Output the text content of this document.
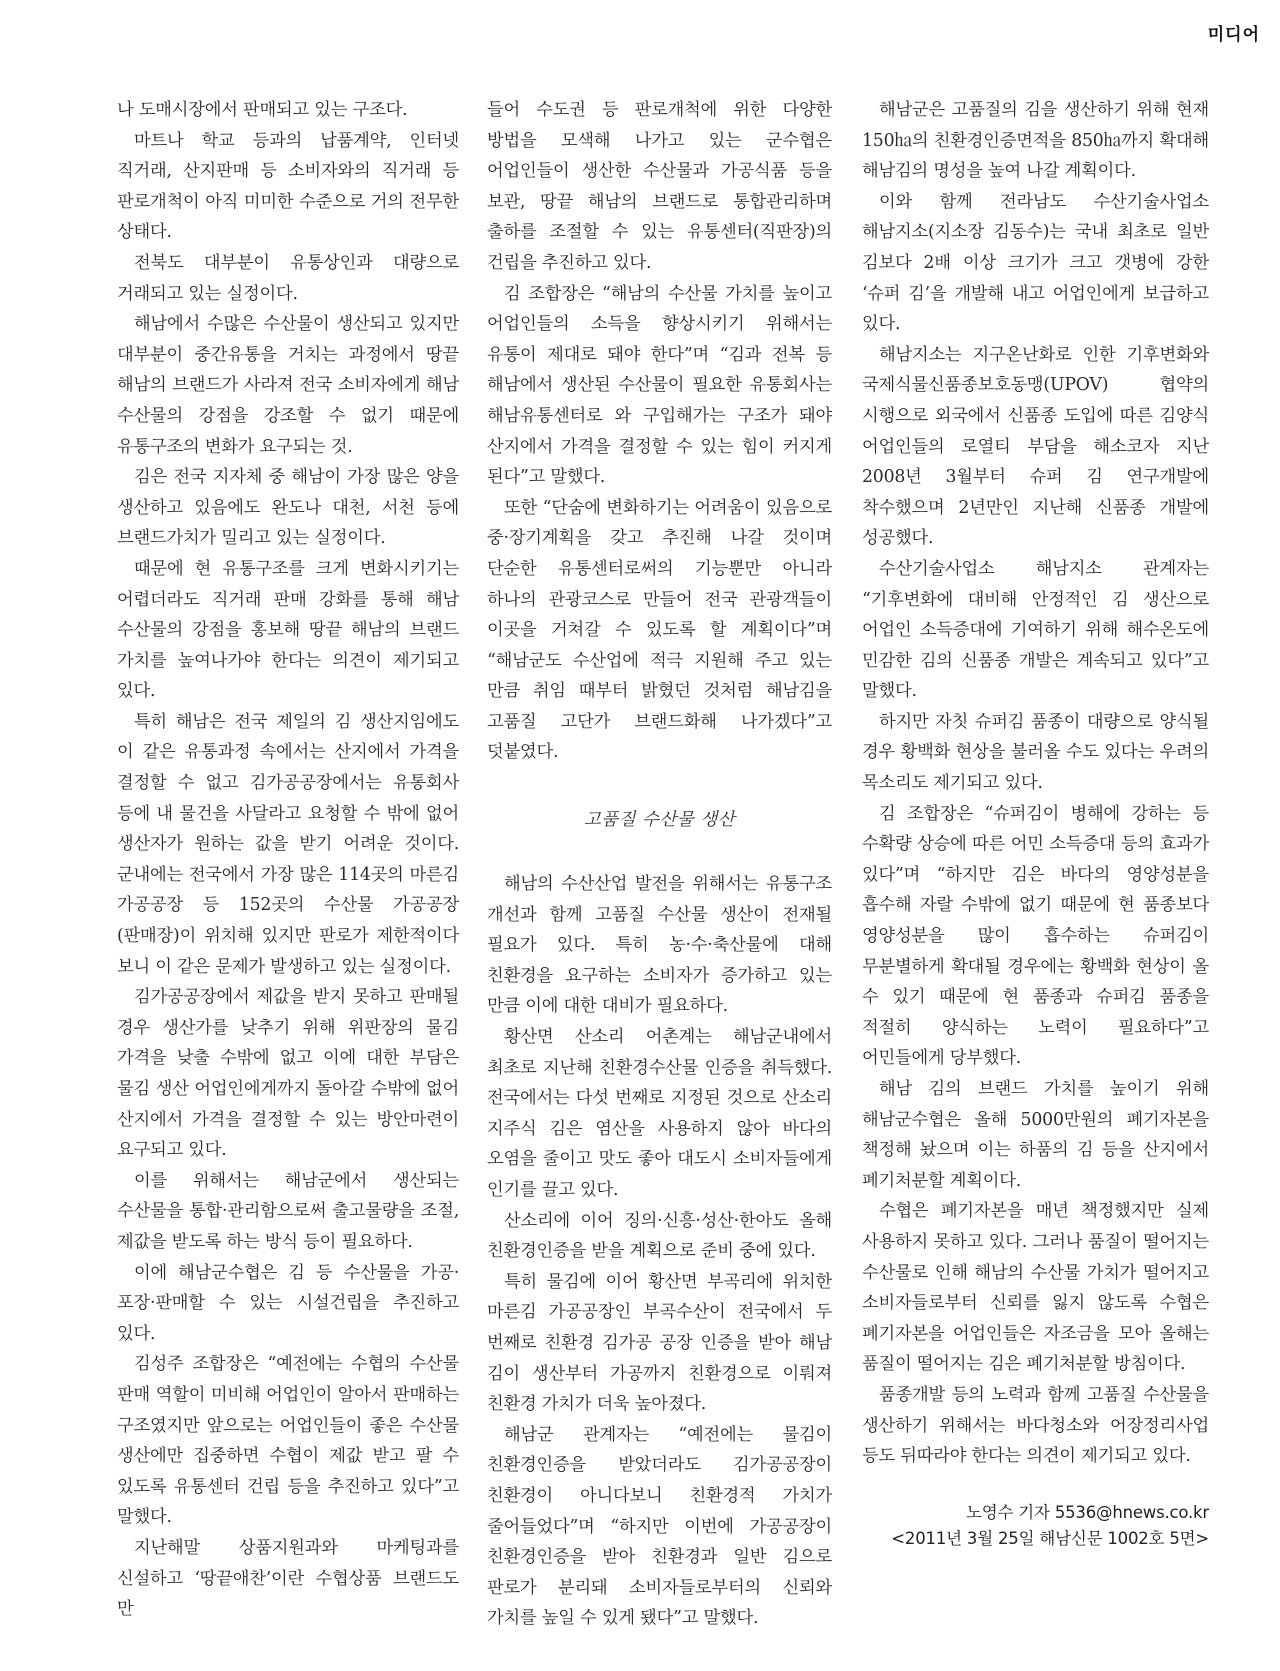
미디어

나 도매시장에서 판매되고 있는 구조다.

마트나 학교 등과의 납품계약, 인터넷 직거래, 산지판매 등 소비자와의 직거래 등 판로개척이 아직 미미한 수준으로 거의 전무한 상태다.

전북도 대부분이 유통상인과 대량으로 거래되고 있는 실정이다.

해남에서 수많은 수산물이 생산되고 있지만 대부분이 중간유통을 거치는 과정에서 땅끝 해남의 브랜드가 사라져 전국 소비자에게 해남 수산물의 강점을 강조할 수 없기 때문에 유통구조의 변화가 요구되는 것.

김은 전국 지자체 중 해남이 가장 많은 양을 생산하고 있음에도 완도나 대천, 서천 등에 브랜드가치가 밀리고 있는 실정이다.

때문에 현 유통구조를 크게 변화시키기는 어렵더라도 직거래 판매 강화를 통해 해남 수산물의 강점을 홍보해 땅끝 해남의 브랜드 가치를 높여나가야 한다는 의견이 제기되고 있다.

특히 해남은 전국 제일의 김 생산지임에도 이 같은 유통과정 속에서는 산지에서 가격을 결정할 수 없고 김가공공장에서는 유통회사 등에 내 물건을 사달라고 요청할 수 밖에 없어 생산자가 원하는 값을 받기 어려운 것이다. 군내에는 전국에서 가장 많은 114곳의 마른김 가공공장 등 152곳의 수산물 가공공장(판매장)이 위치해 있지만 판로가 제한적이다 보니 이 같은 문제가 발생하고 있는 실정이다.

김가공공장에서 제값을 받지 못하고 판매될 경우 생산가를 낮추기 위해 위판장의 물김 가격을 낮출 수밖에 없고 이에 대한 부담은 물김 생산 어업인에게까지 돌아갈 수밖에 없어 산지에서 가격을 결정할 수 있는 방안마련이 요구되고 있다.

이를 위해서는 해남군에서 생산되는 수산물을 통합·관리함으로써 출고물량을 조절, 제값을 받도록 하는 방식 등이 필요하다.

이에 해남군수협은 김 등 수산물을 가공·포장·판매할 수 있는 시설건립을 추진하고 있다.

김성주 조합장은 “예전에는 수협의 수산물 판매 역할이 미비해 어업인이 알아서 판매하는 구조였지만 앞으로는 어업인들이 좋은 수산물 생산에만 집중하면 수협이 제값 받고 팔 수 있도록 유통센터 건립 등을 추진하고 있다”고 말했다.

지난해말 상품지원과와 마케팅과를 신설하고 ‘땅끝애찬’이란 수협상품 브랜드도 만

들어 수도권 등 판로개척에 위한 다양한 방법을 모색해 나가고 있는 군수협은 어업인들이 생산한 수산물과 가공식품 등을 보관, 땅끝 해남의 브랜드로 통합관리하며 출하를 조절할 수 있는 유통센터(직판장)의 건립을 추진하고 있다.

김 조합장은 “해남의 수산물 가치를 높이고 어업인들의 소득을 향상시키기 위해서는 유통이 제대로 돼야 한다”며 “김과 전복 등 해남에서 생산된 수산물이 필요한 유통회사는 해남유통센터로 와 구입해가는 구조가 돼야 산지에서 가격을 결정할 수 있는 힘이 커지게 된다”고 말했다.

또한 “단숨에 변화하기는 어려움이 있음으로 중·장기계획을 갖고 추진해 나갈 것이며 단순한 유통센터로써의 기능뿐만 아니라 하나의 관광코스로 만들어 전국 관광객들이 이곳을 거쳐갈 수 있도록 할 계획이다”며 “해남군도 수산업에 적극 지원해 주고 있는 만큼 취임 때부터 밝혔던 것처럼 해남김을 고품질 고단가 브랜드화해 나가겠다”고 덧붙였다.

고품질 수산물 생산

해남의 수산산업 발전을 위해서는 유통구조 개선과 함께 고품질 수산물 생산이 전재될 필요가 있다. 특히 농·수·축산물에 대해 친환경을 요구하는 소비자가 증가하고 있는 만큼 이에 대한 대비가 필요하다.

황산면 산소리 어촌계는 해남군내에서 최초로 지난해 친환경수산물 인증을 취득했다. 전국에서는 다섯 번째로 지정된 것으로 산소리 지주식 김은 염산을 사용하지 않아 바다의 오염을 줄이고 맛도 좋아 대도시 소비자들에게 인기를 끌고 있다.

산소리에 이어 징의·신흥·성산·한아도 올해 친환경인증을 받을 계획으로 준비 중에 있다.

특히 물김에 이어 황산면 부곡리에 위치한 마른김 가공공장인 부곡수산이 전국에서 두 번째로 친환경 김가공 공장 인증을 받아 해남 김이 생산부터 가공까지 친환경으로 이뤄져 친환경 가치가 더욱 높아졌다.

해남군 관계자는 “예전에는 물김이 친환경인증을 받았더라도 김가공공장이 친환경이 아니다보니 친환경적 가치가 줄어들었다”며 “하지만 이번에 가공공장이 친환경인증을 받아 친환경과 일반 김으로 판로가 분리돼 소비자들로부터의 신뢰와 가치를 높일 수 있게 됐다”고 말했다.

해남군은 고품질의 김을 생산하기 위해 현재 150㏊의 친환경인증면적을 850㏊까지 확대해 해남김의 명성을 높여 나갈 계획이다.

이와 함께 전라남도 수산기술사업소 해남지소(지소장 김동수)는 국내 최초로 일반 김보다 2배 이상 크기가 크고 갯병에 강한 ‘슈퍼 김’을 개발해 내고 어업인에게 보급하고 있다.

해남지소는 지구온난화로 인한 기후변화와 국제식물신품종보호동맹(UPOV) 협약의 시행으로 외국에서 신품종 도입에 따른 김양식 어업인들의 로열티 부담을 해소코자 지난 2008년 3월부터 슈퍼 김 연구개발에 착수했으며 2년만인 지난해 신품종 개발에 성공했다.

수산기술사업소 해남지소 관계자는 “기후변화에 대비해 안정적인 김 생산으로 어업인 소득증대에 기여하기 위해 해수온도에 민감한 김의 신품종 개발은 계속되고 있다”고 말했다.

하지만 자칫 슈퍼김 품종이 대량으로 양식될 경우 황백화 현상을 불러올 수도 있다는 우려의 목소리도 제기되고 있다.

김 조합장은 “슈퍼김이 병해에 강하는 등 수확량 상승에 따른 어민 소득증대 등의 효과가 있다”며 “하지만 김은 바다의 영양성분을 흡수해 자랄 수밖에 없기 때문에 현 품종보다 영양성분을 많이 흡수하는 슈퍼김이 무분별하게 확대될 경우에는 황백화 현상이 올 수 있기 때문에 현 품종과 슈퍼김 품종을 적절히 양식하는 노력이 필요하다”고 어민들에게 당부했다.

해남 김의 브랜드 가치를 높이기 위해 해남군수협은 올해 5000만원의 폐기자본을 책정해 놨으며 이는 하품의 김 등을 산지에서 폐기처분할 계획이다.

수협은 폐기자본을 매년 책정했지만 실제 사용하지 못하고 있다. 그러나 품질이 떨어지는 수산물로 인해 해남의 수산물 가치가 떨어지고 소비자들로부터 신뢰를 잃지 않도록 수협은 폐기자본을 어업인들은 자조금을 모아 올해는 품질이 떨어지는 김은 폐기처분할 방침이다.

품종개발 등의 노력과 함께 고품질 수산물을 생산하기 위해서는 바다청소와 어장정리사업 등도 뒤따라야 한다는 의견이 제기되고 있다.

노영수 기자 5536@hnews.co.kr
<2011년 3월 25일 해남신문 1002호 5면>
